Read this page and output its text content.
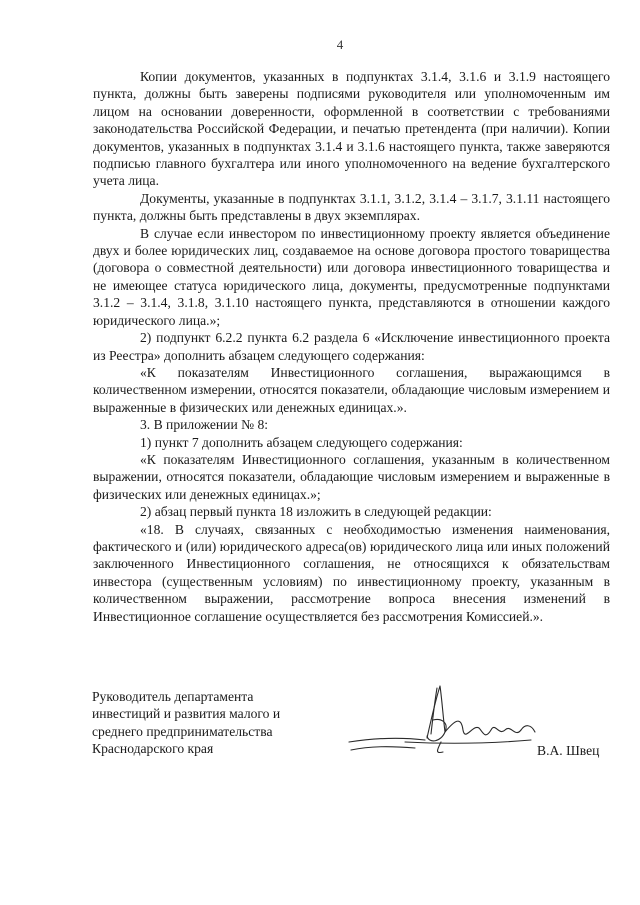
4

Копии документов, указанных в подпунктах 3.1.4, 3.1.6 и 3.1.9 настоящего пункта, должны быть заверены подписями руководителя или уполномоченным им лицом на основании доверенности, оформленной в соответствии с требованиями законодательства Российской Федерации, и печатью претендента (при наличии). Копии документов, указанных в подпунктах 3.1.4 и 3.1.6 настоящего пункта, также заверяются подписью главного бухгалтера или иного уполномоченного на ведение бухгалтерского учета лица.

Документы, указанные в подпунктах 3.1.1, 3.1.2, 3.1.4 – 3.1.7, 3.1.11 настоящего пункта, должны быть представлены в двух экземплярах.

В случае если инвестором по инвестиционному проекту является объединение двух и более юридических лиц, создаваемое на основе договора простого товарищества (договора о совместной деятельности) или договора инвестиционного товарищества и не имеющее статуса юридического лица, документы, предусмотренные подпунктами 3.1.2 – 3.1.4, 3.1.8, 3.1.10 настоящего пункта, представляются в отношении каждого юридического лица.»;

2) подпункт 6.2.2 пункта 6.2 раздела 6 «Исключение инвестиционного проекта из Реестра» дополнить абзацем следующего содержания:

«К показателям Инвестиционного соглашения, выражающимся в количественном измерении, относятся показатели, обладающие числовым измерением и выраженные в физических или денежных единицах.».

3. В приложении № 8:

1) пункт 7 дополнить абзацем следующего содержания:

«К показателям Инвестиционного соглашения, указанным в количественном выражении, относятся показатели, обладающие числовым измерением и выраженные в физических или денежных единицах.»;

2) абзац первый пункта 18 изложить в следующей редакции:

«18. В случаях, связанных с необходимостью изменения наименования, фактического и (или) юридического адреса(ов) юридического лица или иных положений заключенного Инвестиционного соглашения, не относящихся к обязательствам инвестора (существенным условиям) по инвестиционному проекту, указанным в количественном выражении, рассмотрение вопроса внесения изменений в Инвестиционное соглашение осуществляется без рассмотрения Комиссией.».

Руководитель департамента
инвестиций и развития малого и
среднего предпринимательства
Краснодарского края	В.А. Швец
